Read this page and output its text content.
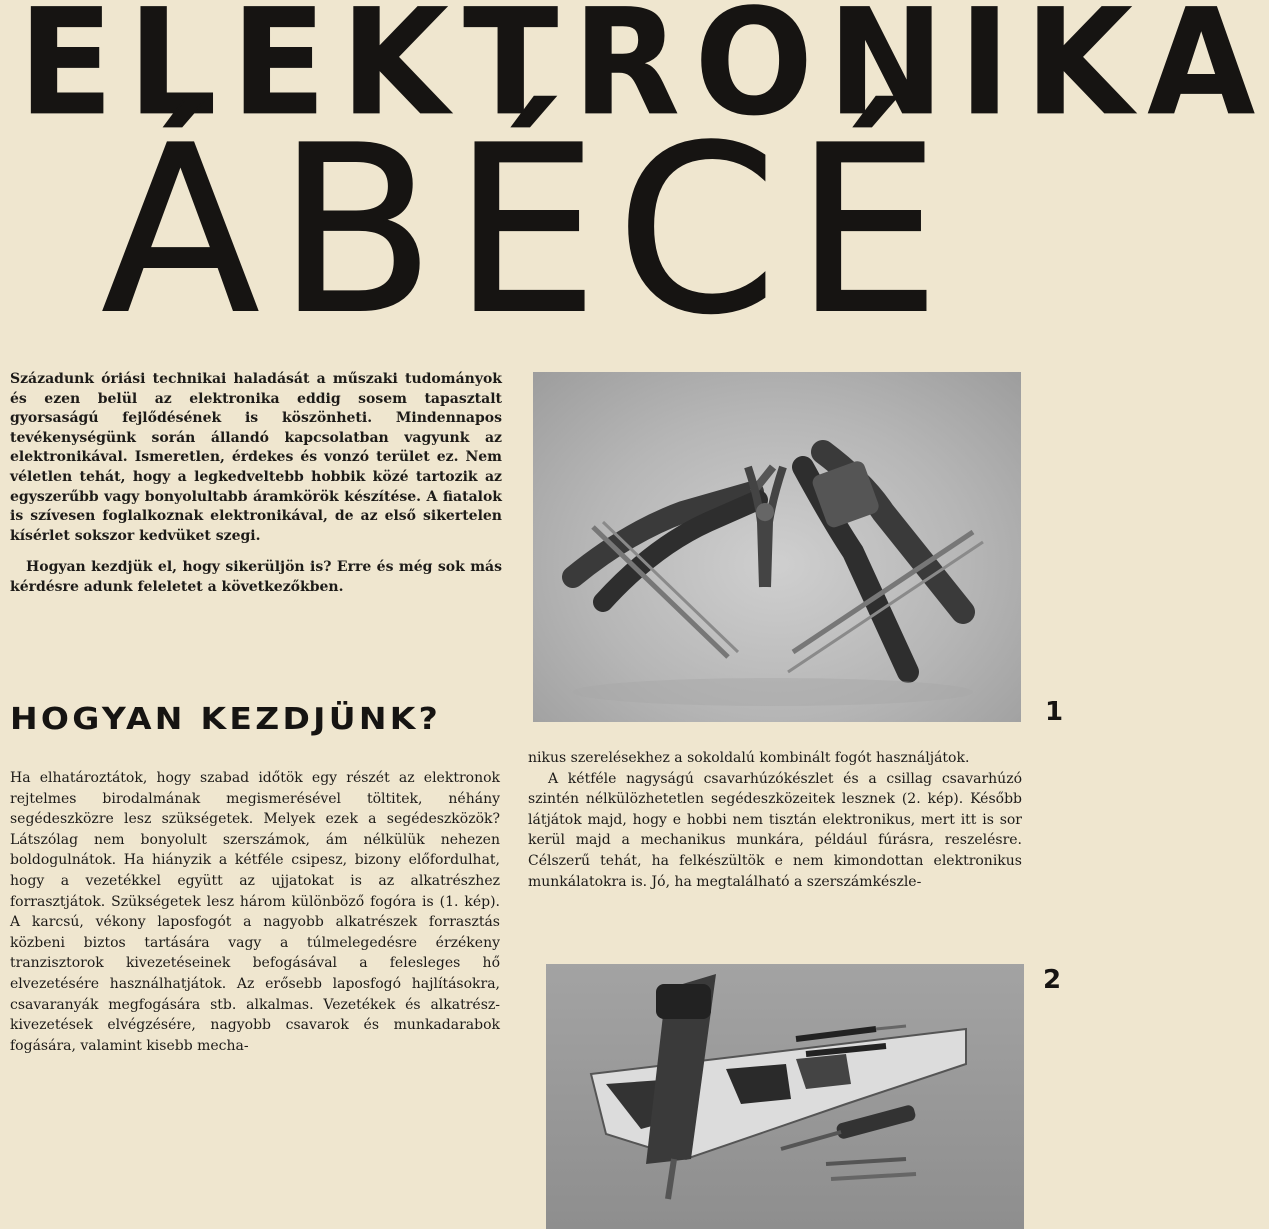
ELEKTRONIKA
ÁBÉCÉ

Századunk óriási technikai haladását a műszaki tudományok és ezen belül az elektronika eddig sosem tapasztalt gyorsaságú fejlődésének is köszönheti. Mindennapos tevékenységünk során állandó kapcsolatban vagyunk az elektronikával. Ismeretlen, érdekes és vonzó terület ez. Nem véletlen tehát, hogy a legkedveltebb hobbik közé tartozik az egyszerűbb vagy bonyolultabb áramkörök készítése. A fiatalok is szívesen foglalkoznak elektronikával, de az első sikertelen kísérlet sokszor kedvüket szegi.

Hogyan kezdjük el, hogy sikerüljön is? Erre és még sok más kérdésre adunk feleletet a következőkben.

1
HOGYAN KEZDJÜNK?

Ha elhatároztátok, hogy szabad időtök egy részét az elektronok rejtelmes birodalmának megismerésével töltitek, néhány segédeszközre lesz szükségetek. Melyek ezek a segédeszközök? Látszólag nem bonyolult szerszámok, ám nélkülük nehezen boldogulnátok. Ha hiányzik a kétféle csipesz, bizony előfordulhat, hogy a vezetékkel együtt az ujjatokat is az alkatrészhez forrasztjátok. Szükségetek lesz három különböző fogóra is (1. kép). A karcsú, vékony laposfogót a nagyobb alkatrészek forrasztás közbeni biztos tartására vagy a túlmelegedésre érzékeny tranzisztorok kivezetéseinek befogásával a felesleges hő elvezetésére használhatjátok. Az erősebb laposfogó hajlításokra, csavaranyák megfogására stb. alkalmas. Vezetékek és alkatrész-kivezetések elvégzésére, nagyobb csavarok és munkadarabok fogására, valamint kisebb mecha-

nikus szerelésekhez a sokoldalú kombinált fogót használjátok.

A kétféle nagyságú csavarhúzókészlet és a csillag csavarhúzó szintén nélkülözhetetlen segédeszközeitek lesznek (2. kép). Később látjátok majd, hogy e hobbi nem tisztán elektronikus, mert itt is sor kerül majd a mechanikus munkára, például fúrásra, reszelésre. Célszerű tehát, ha felkészültök e nem kimondottan elektronikus munkálatokra is. Jó, ha megtalálható a szerszámkészle-

2
